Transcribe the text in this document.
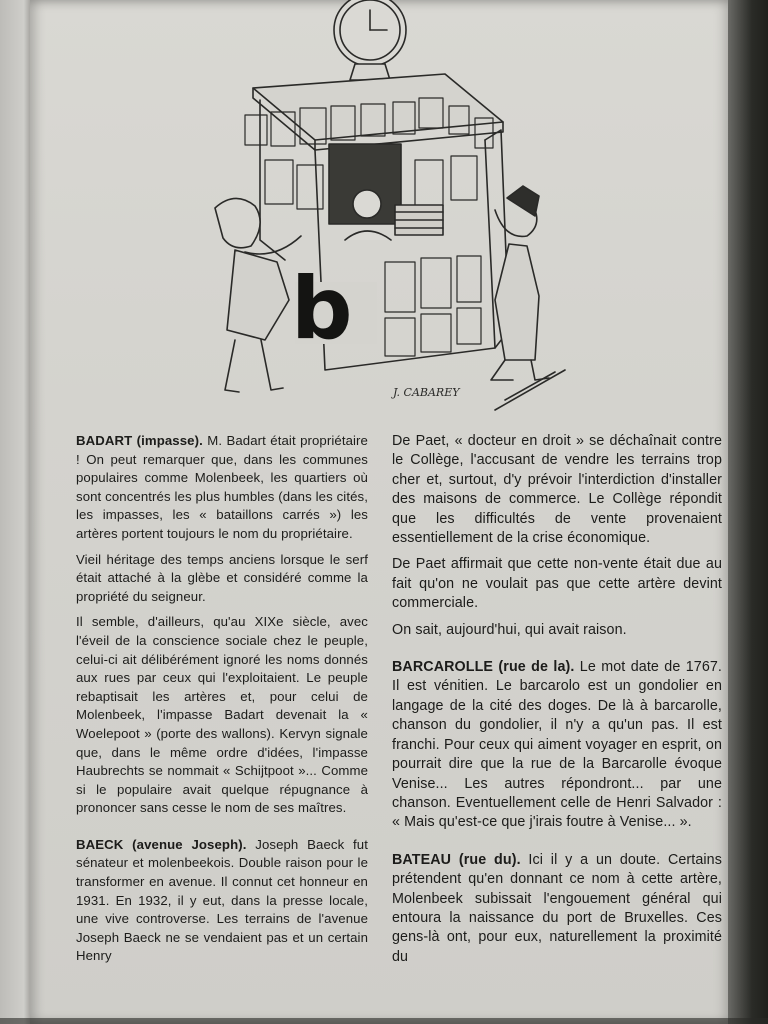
b
J. CABAREY

BADART (impasse). M. Badart était propriétaire ! On peut remarquer que, dans les communes populaires comme Molenbeek, les quartiers où sont concentrés les plus humbles (dans les cités, les impasses, les « bataillons carrés ») les artères portent toujours le nom du propriétaire.

Vieil héritage des temps anciens lorsque le serf était attaché à la glèbe et considéré comme la propriété du seigneur.

Il semble, d'ailleurs, qu'au XIXe siècle, avec l'éveil de la conscience sociale chez le peuple, celui-ci ait délibérément ignoré les noms donnés aux rues par ceux qui l'exploitaient. Le peuple rebaptisait les artères et, pour celui de Molenbeek, l'impasse Badart devenait la « Woelepoot » (porte des wallons). Kervyn signale que, dans le même ordre d'idées, l'impasse Haubrechts se nommait « Schijtpoot »... Comme si le populaire avait quelque répugnance à prononcer sans cesse le nom de ses maîtres.

BAECK (avenue Joseph). Joseph Baeck fut sénateur et molenbeekois. Double raison pour le transformer en avenue. Il connut cet honneur en 1931. En 1932, il y eut, dans la presse locale, une vive controverse. Les terrains de l'avenue Joseph Baeck ne se vendaient pas et un certain Henry

De Paet, « docteur en droit » se déchaînait contre le Collège, l'accusant de vendre les terrains trop cher et, surtout, d'y prévoir l'interdiction d'installer des maisons de commerce. Le Collège répondit que les difficultés de vente provenaient essentiellement de la crise économique.

De Paet affirmait que cette non-vente était due au fait qu'on ne voulait pas que cette artère devint commerciale.

On sait, aujourd'hui, qui avait raison.

BARCAROLLE (rue de la). Le mot date de 1767. Il est vénitien. Le barcarolo est un gondolier en langage de la cité des doges. De là à barcarolle, chanson du gondolier, il n'y a qu'un pas. Il est franchi. Pour ceux qui aiment voyager en esprit, on pourrait dire que la rue de la Barcarolle évoque Venise... Les autres répondront... par une chanson. Eventuellement celle de Henri Salvador : « Mais qu'est-ce que j'irais foutre à Venise... ».

BATEAU (rue du). Ici il y a un doute. Certains prétendent qu'en donnant ce nom à cette artère, Molenbeek subissait l'engouement général qui entoura la naissance du port de Bruxelles. Ces gens-là ont, pour eux, naturellement la proximité du
